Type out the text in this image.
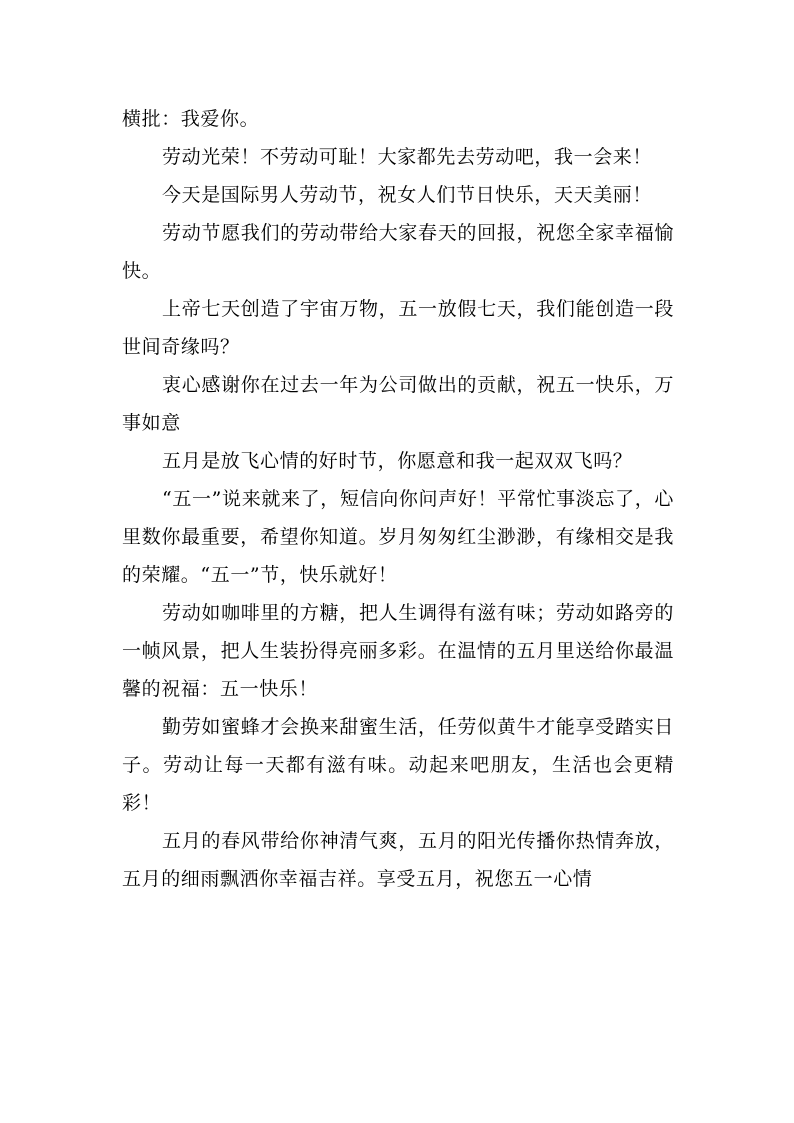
横批：我爱你。

劳动光荣！不劳动可耻！大家都先去劳动吧，我一会来！

今天是国际男人劳动节，祝女人们节日快乐，天天美丽！

劳动节愿我们的劳动带给大家春天的回报，祝您全家幸福愉快。

上帝七天创造了宇宙万物，五一放假七天，我们能创造一段世间奇缘吗？

衷心感谢你在过去一年为公司做出的贡献，祝五一快乐，万事如意

五月是放飞心情的好时节，你愿意和我一起双双飞吗？

“五一”说来就来了，短信向你问声好！平常忙事淡忘了，心里数你最重要，希望你知道。岁月匆匆红尘渺渺，有缘相交是我的荣耀。“五一”节，快乐就好！

劳动如咖啡里的方糖，把人生调得有滋有味；劳动如路旁的一帧风景，把人生装扮得亮丽多彩。在温情的五月里送给你最温馨的祝福：五一快乐！

勤劳如蜜蜂才会换来甜蜜生活，任劳似黄牛才能享受踏实日子。劳动让每一天都有滋有味。动起来吧朋友，生活也会更精彩！

五月的春风带给你神清气爽，五月的阳光传播你热情奔放，五月的细雨飘洒你幸福吉祥。享受五月，祝您五一心情
